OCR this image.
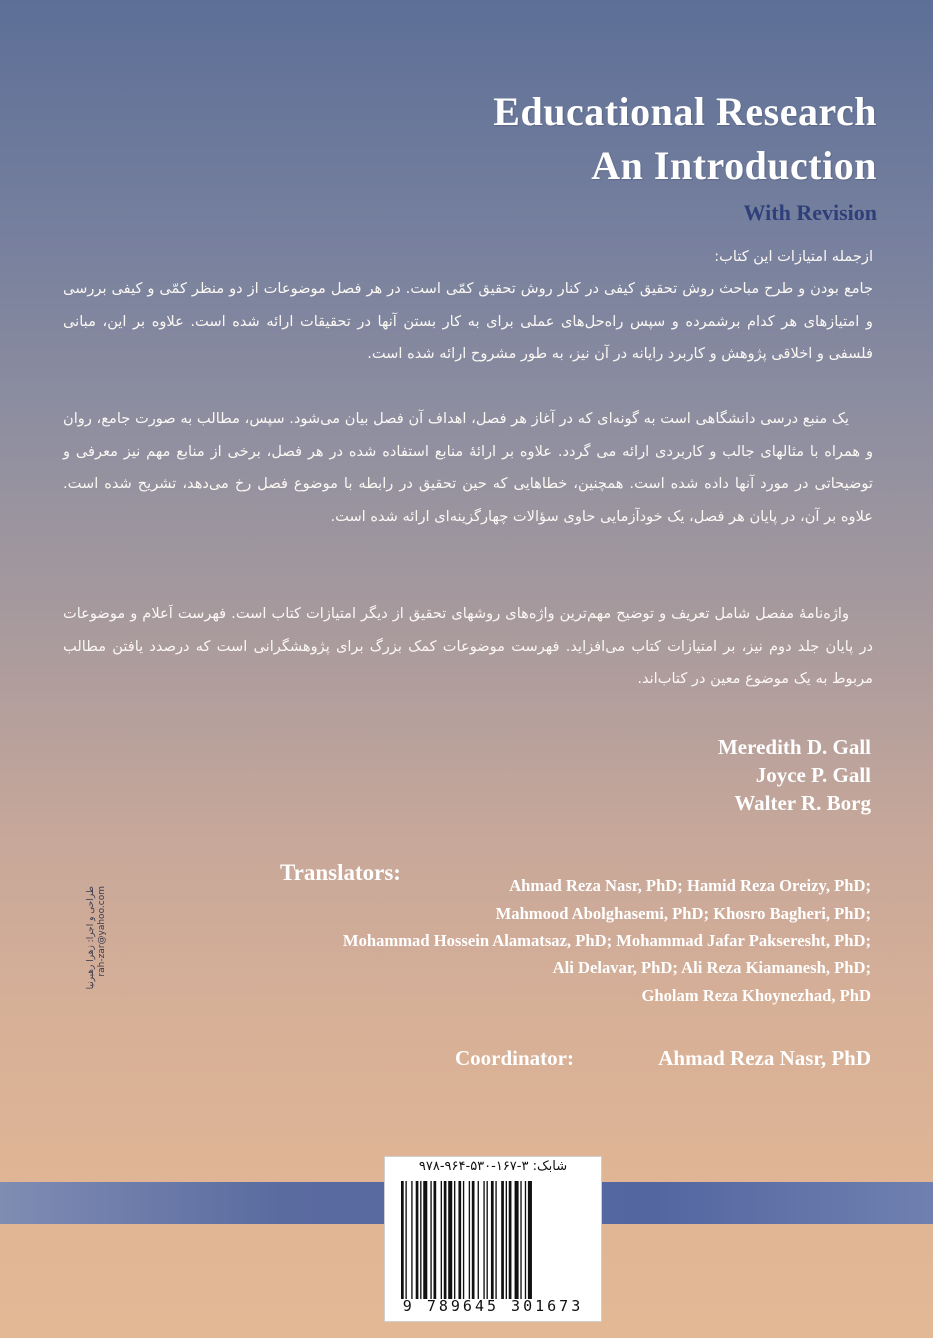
Educational Research
An Introduction
With Revision
ازجمله امتیازات این کتاب:
جامع بودن و طرح مباحث روش تحقیق کیفی در کنار روش تحقیق کمّی است. در هر فصل موضوعات از دو منظر کمّی و کیفی بررسی و امتیازهای هر کدام برشمرده و سپس راه‌حل‌های عملی برای به کار بستن آنها در تحقیقات ارائه شده است. علاوه بر این، مبانی فلسفی و اخلاقی پژوهش و کاربرد رایانه در آن نیز، به طور مشروح ارائه شده است.
یک منبع درسی دانشگاهی است به گونه‌ای که در آغاز هر فصل، اهداف آن فصل بیان می‌شود. سپس، مطالب به صورت جامع، روان و همراه با مثالهای جالب و کاربردی ارائه می گردد. علاوه بر ارائهٔ منابع استفاده شده در هر فصل، برخی از منابع مهم نیز معرفی و توضیحاتی در مورد آنها داده شده است. همچنین، خطاهایی که حین تحقیق در رابطه با موضوع فصل رخ می‌دهد، تشریح شده است. علاوه بر آن، در پایان هر فصل، یک خودآزمایی حاوی سؤالات چهارگزینه‌ای ارائه شده است.
واژه‌نامهٔ مفصل شامل تعریف و توضیح مهم‌ترین واژه‌های روشهای تحقیق از دیگر امتیازات کتاب است. فهرست اَعلام و موضوعات در پایان جلد دوم نیز، بر امتیازات کتاب می‌افزاید. فهرست موضوعات کمک بزرگ برای پژوهشگرانی است که درصدد یافتن مطالب مربوط به یک موضوع معین در کتاب‌اند.
Meredith D. Gall
Joyce P. Gall
Walter R. Borg
Translators:
Ahmad Reza Nasr, PhD; Hamid Reza Oreizy, PhD;
Mahmood Abolghasemi, PhD; Khosro Bagheri, PhD;
Mohammad Hossein Alamatsaz, PhD; Mohammad Jafar Pakseresht, PhD;
Ali Delavar, PhD; Ali Reza Kiamanesh, PhD;
Gholam Reza Khoynezhad, PhD
Coordinator:	Ahmad Reza Nasr, PhD
طراحی و اجرا: زهرا رهبرنیا rah-zar@yahoo.com
شابک: ۳-۱۶۷-۵۳۰-۹۶۴-۹۷۸
9 789645 301673
